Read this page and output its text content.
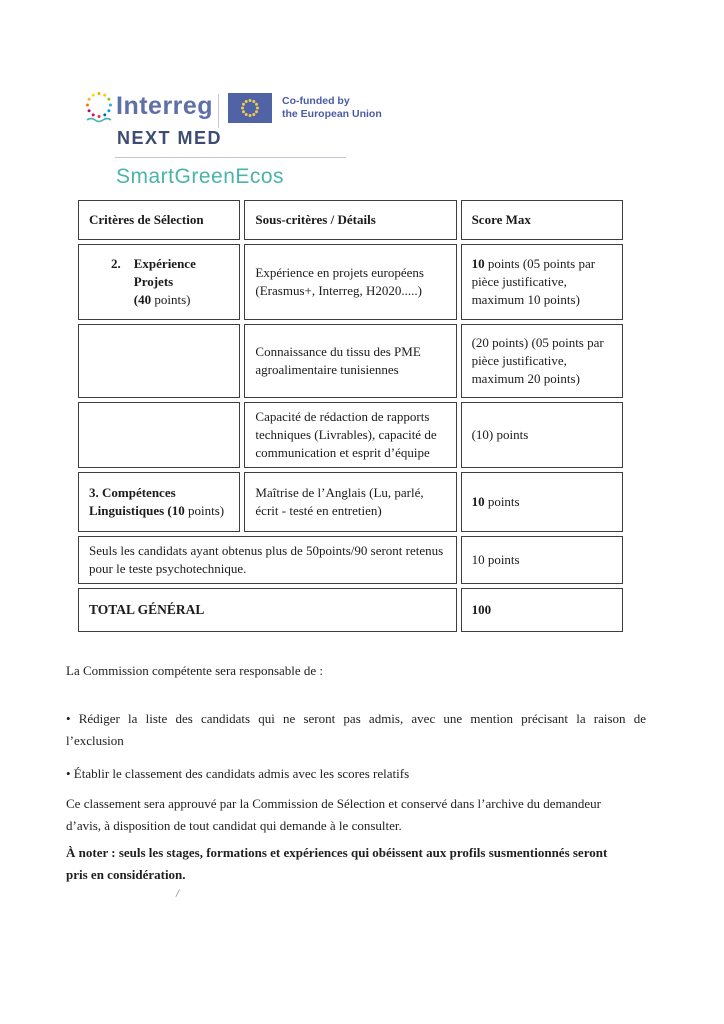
Interreg	Co-funded by
the European Union
NEXT MED
SmartGreenEcos
Critères de Sélection	Sous-critères / Détails	Score Max

2. Expérience
Projets
(40 points)	Expérience en projets européens (Erasmus+, Interreg, H2020.....)	10 points (05 points par pièce justificative, maximum 10 points)
	Connaissance du tissu des PME agroalimentaire tunisiennes	(20 points) (05 points par pièce justificative, maximum 20 points)
	Capacité de rédaction de rapports techniques (Livrables), capacité de communication et esprit d’équipe	(10) points
3. Compétences Linguistiques (10 points)	Maîtrise de l’Anglais (Lu, parlé, écrit - testé en entretien)	10 points
Seuls les candidats ayant obtenus plus de 50points/90 seront retenus pour le teste psychotechnique.		10 points
TOTAL GÉNÉRAL		100
La Commission compétente sera responsable de :
• Rédiger la liste des candidats qui ne seront pas admis, avec une mention précisant la raison de
l’exclusion
• Établir le classement des candidats admis avec les scores relatifs
Ce classement sera approuvé par la Commission de Sélection et conservé dans l’archive du demandeur
d’avis, à disposition de tout candidat qui demande à le consulter.
À noter : seuls les stages, formations et expériences qui obéissent aux profils susmentionnés seront
pris en considération.
/
